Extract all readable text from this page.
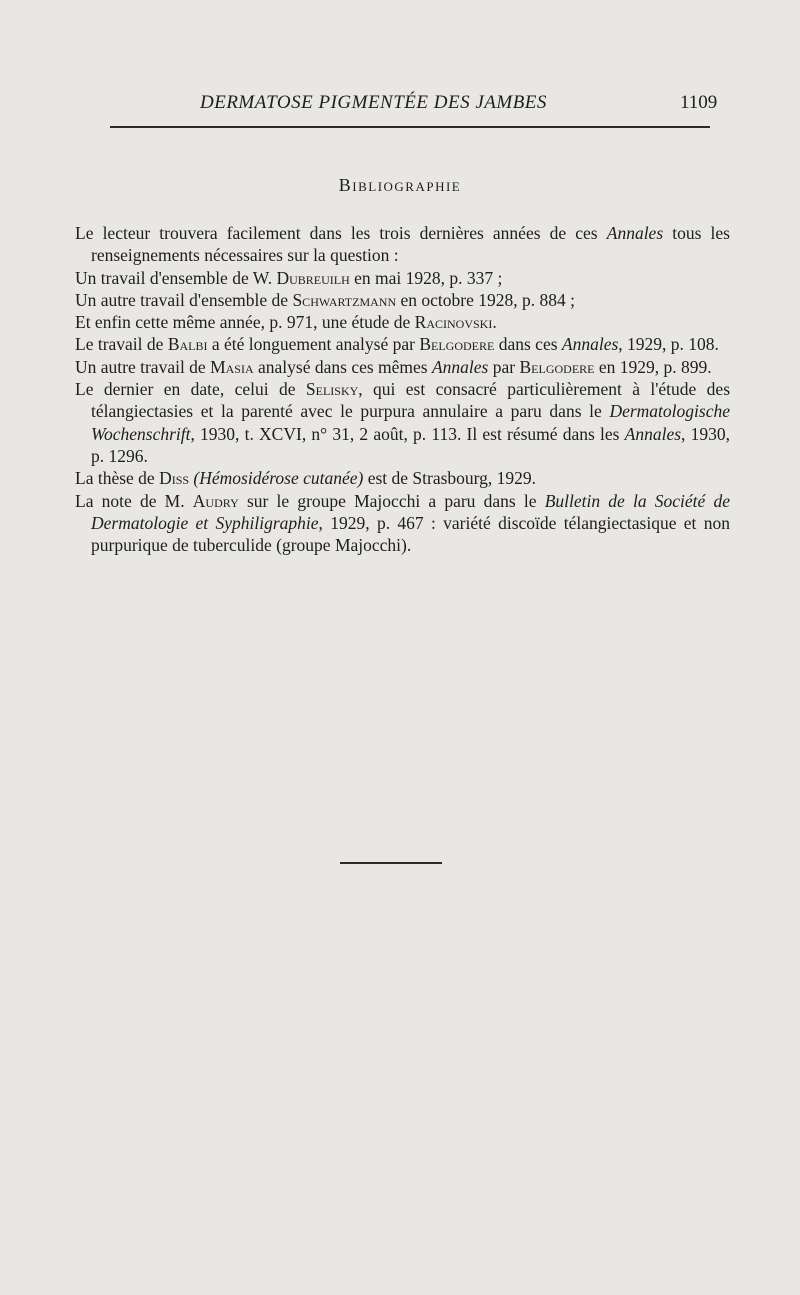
DERMATOSE PIGMENTÉE DES JAMBES	1109
Bibliographie
Le lecteur trouvera facilement dans les trois dernières années de ces Annales tous les renseignements nécessaires sur la question :
Un travail d'ensemble de W. Dubreuilh en mai 1928, p. 337 ;
Un autre travail d'ensemble de Schwartzmann en octobre 1928, p. 884 ;
Et enfin cette même année, p. 971, une étude de Racinovski.
Le travail de Balbi a été longuement analysé par Belgodere dans ces Annales, 1929, p. 108.
Un autre travail de Masia analysé dans ces mêmes Annales par Belgodere en 1929, p. 899.
Le dernier en date, celui de Selisky, qui est consacré particulièrement à l'étude des télangiectasies et la parenté avec le purpura annulaire a paru dans le Dermatologische Wochenschrift, 1930, t. XCVI, n° 31, 2 août, p. 113. Il est résumé dans les Annales, 1930, p. 1296.
La thèse de Diss (Hémosidérose cutanée) est de Strasbourg, 1929.
La note de M. Audry sur le groupe Majocchi a paru dans le Bulletin de la Société de Dermatologie et Syphiligraphie, 1929, p. 467 : variété discoïde télangiectasique et non purpurique de tuberculide (groupe Majocchi).
